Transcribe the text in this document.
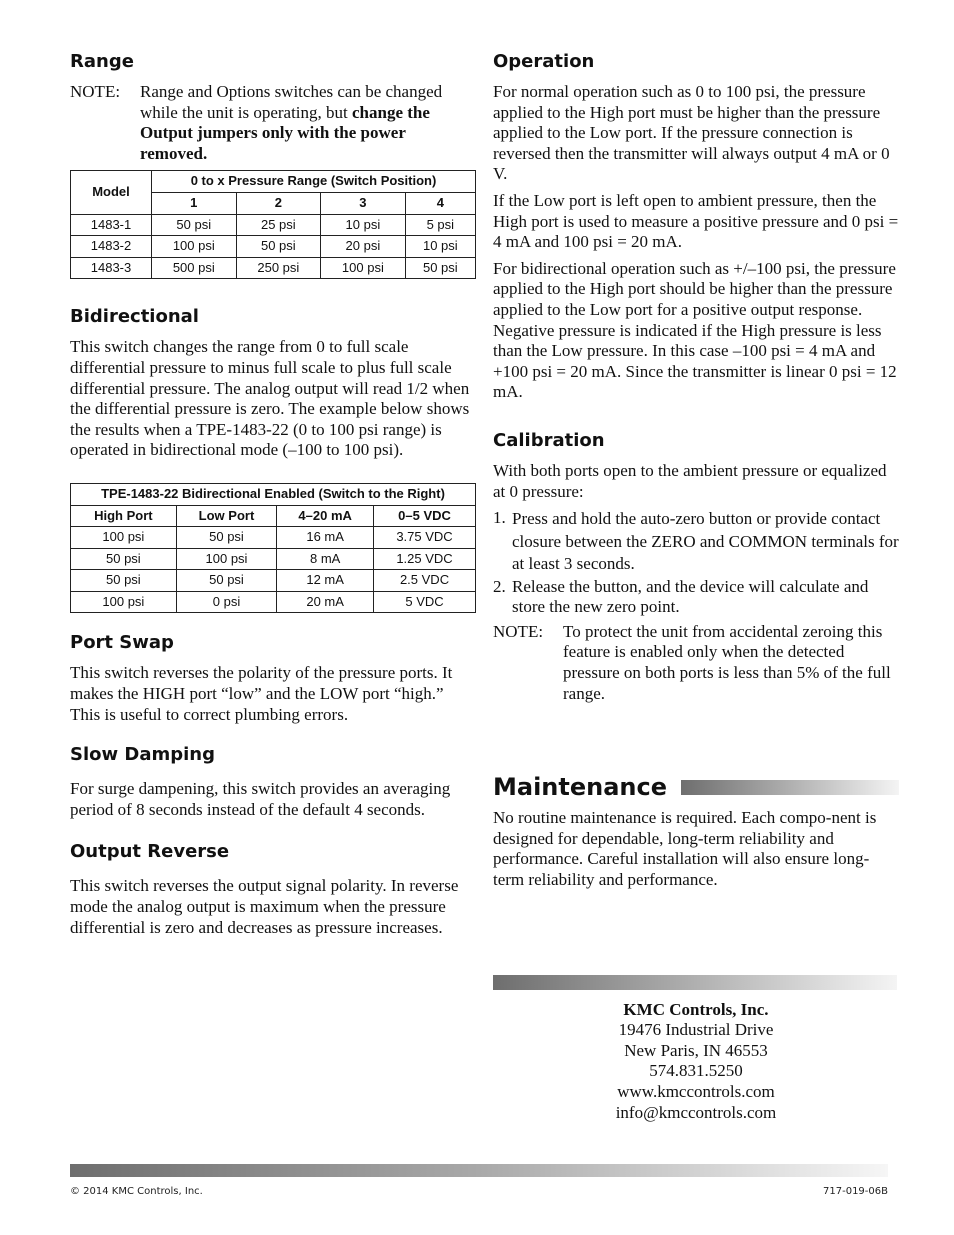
Range
NOTE:	Range and Options switches can be changed while the unit is operating, but change the Output jumpers only with the power removed.
Model	0 to x Pressure Range (Switch Position)			
	1	2	3	4
1483-1	50 psi	25 psi	10 psi	5 psi
1483-2	100 psi	50 psi	20 psi	10 psi
1483-3	500 psi	250 psi	100 psi	50 psi
Bidirectional

This switch changes the range from 0 to full scale differential pressure to minus full scale to plus full scale differential pressure. The analog output will read 1/2 when the differential pressure is zero. The example below shows the results when a TPE-1483-22 (0 to 100 psi range) is operated in bidirectional mode (–100 to 100 psi).

TPE-1483-22 Bidirectional Enabled (Switch to the Right)			
High Port	Low Port	4–20 mA	0–5 VDC
100 psi	50 psi	16 mA	3.75 VDC
50 psi	100 psi	8 mA	1.25 VDC
50 psi	50 psi	12 mA	2.5 VDC
100 psi	0 psi	20 mA	5 VDC
Port Swap

This switch reverses the polarity of the pressure ports. It makes the HIGH port “low” and the LOW port “high.” This is useful to correct plumbing errors.

Slow Damping

For surge dampening, this switch provides an averaging period of 8 seconds instead of the default 4 seconds.

Output Reverse

This switch reverses the output signal polarity. In reverse mode the analog output is maximum when the pressure differential is zero and decreases as pressure increases.

Operation

For normal operation such as 0 to 100 psi, the pressure applied to the High port must be higher than the pressure applied to the Low port. If the pressure connection is reversed then the transmitter will always output 4 mA or 0 V.

If the Low port is left open to ambient pressure, then the High port is used to measure a positive pressure and 0 psi = 4 mA and 100 psi = 20 mA.

For bidirectional operation such as +/–100 psi, the pressure applied to the High port should be higher than the pressure applied to the Low port for a positive output response. Negative pressure is indicated if the High pressure is less than the Low pressure. In this case –100 psi = 4 mA and +100 psi = 20 mA. Since the transmitter is linear 0 psi = 12 mA.

Calibration

With both ports open to the ambient pressure or equalized at 0 pressure:

1. Press and hold the auto-zero button or provide contact closure between the ZERO and COMMON terminals for at least 3 seconds.
2. Release the button, and the device will calculate and store the new zero point.
NOTE:	To protect the unit from accidental zeroing this feature is enabled only when the detected pressure on both ports is less than 5% of the full range.
Maintenance

No routine maintenance is required. Each compo-nent is designed for dependable, long-term reliability and performance. Careful installation will also ensure long-term reliability and performance.

KMC Controls, Inc.
19476 Industrial Drive
New Paris, IN 46553
574.831.5250
www.kmccontrols.com
info@kmccontrols.com
© 2014 KMC Controls, Inc.	717-019-06B
